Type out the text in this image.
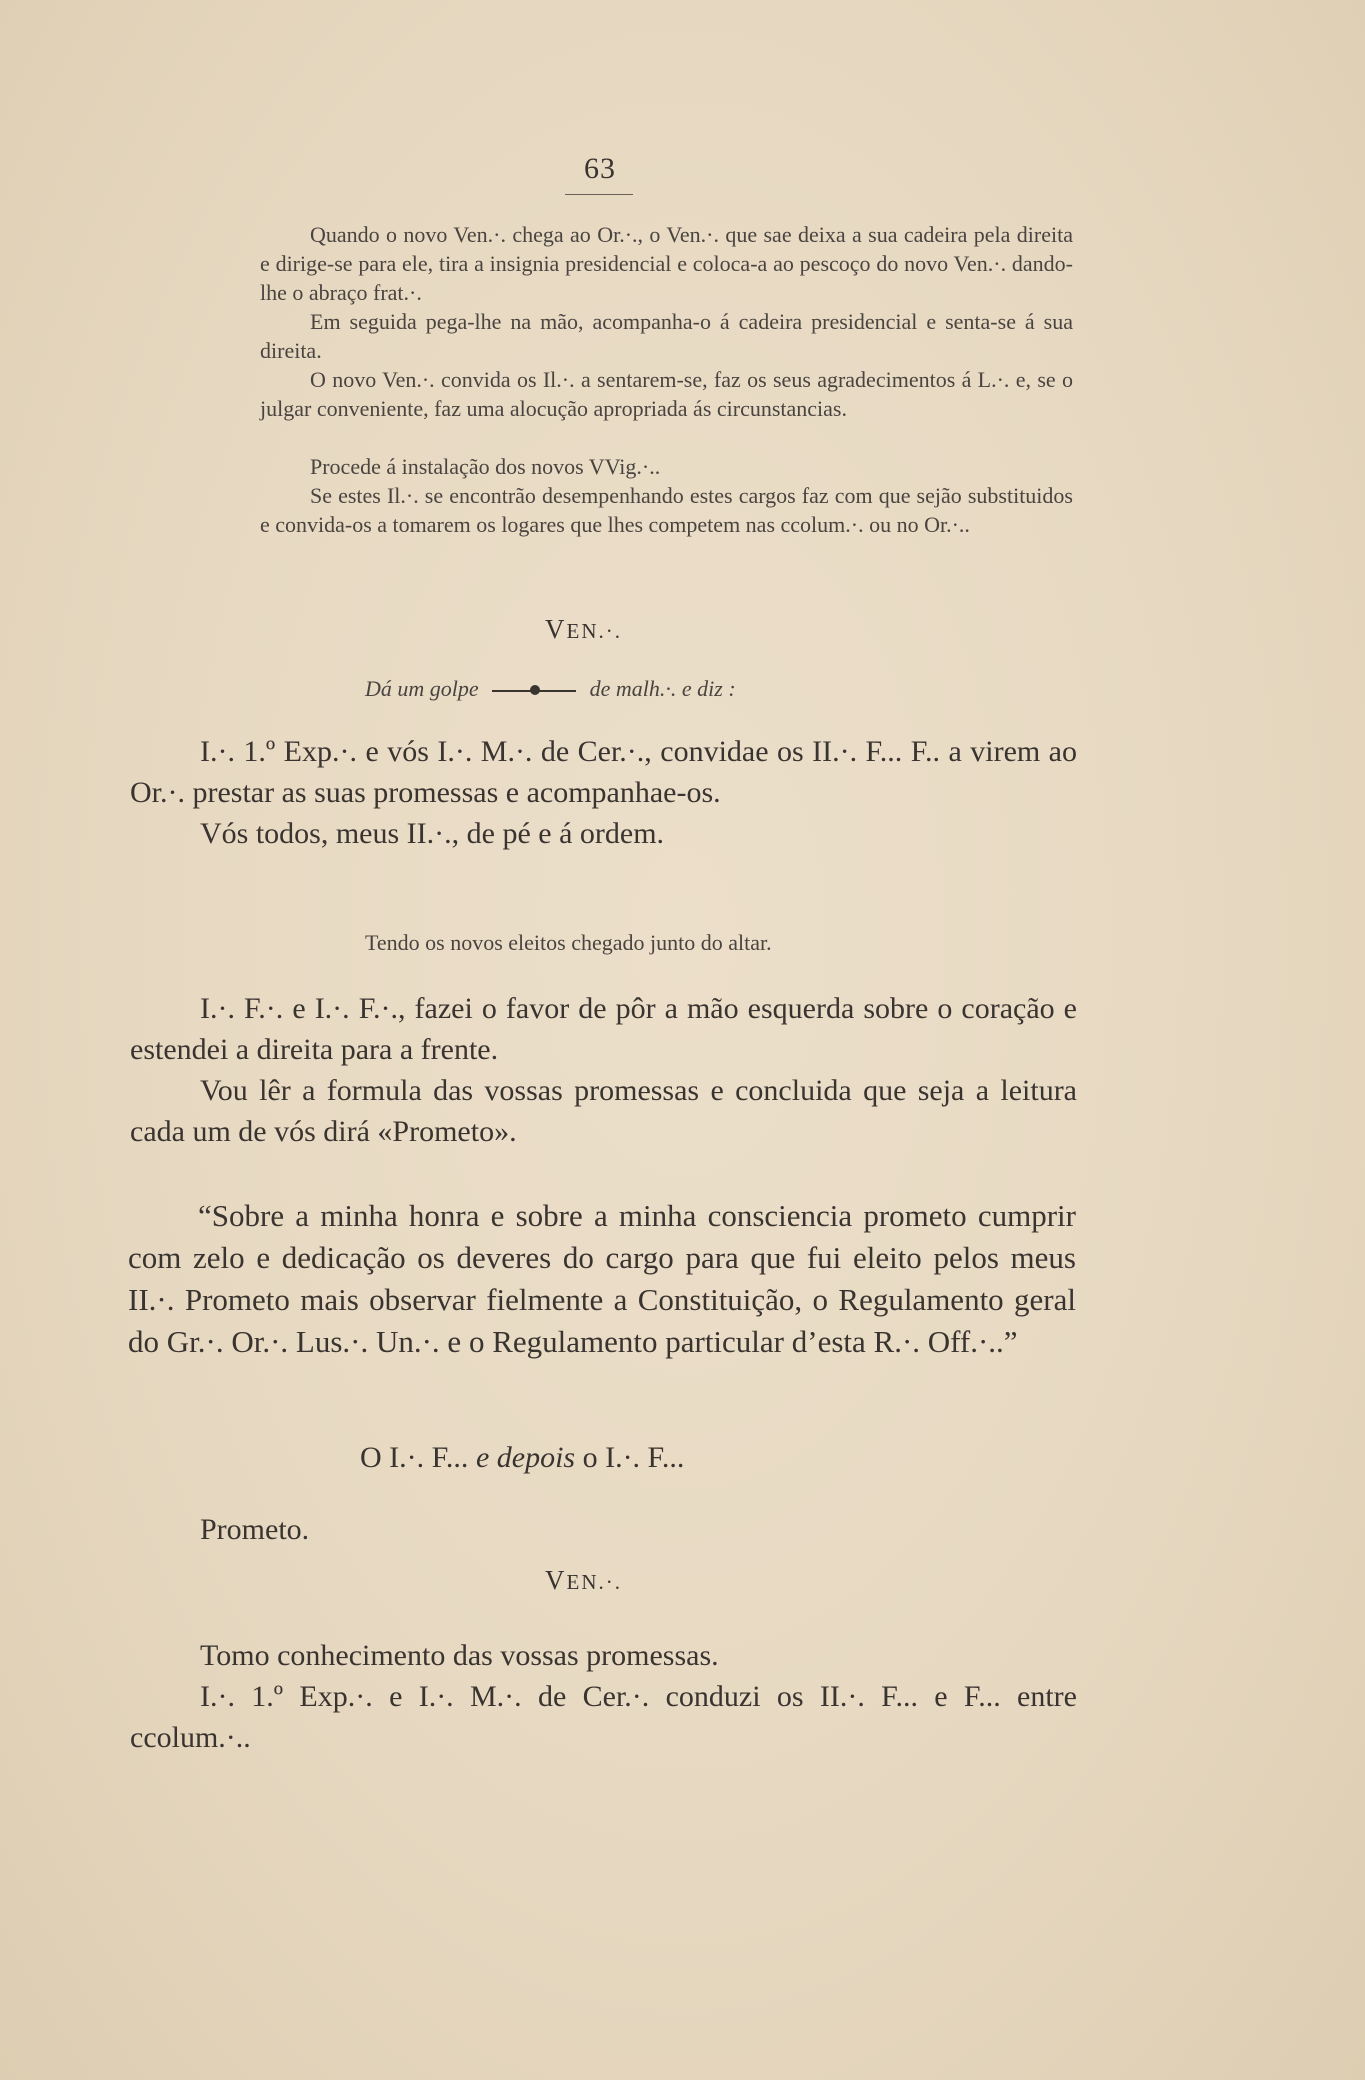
63

Quando o novo Ven.·. chega ao Or.·., o Ven.·. que sae deixa a sua cadeira pela direita e dirige-se para ele, tira a insignia presidencial e coloca-a ao pescoço do novo Ven.·. dando-lhe o abraço frat.·.

Em seguida pega-lhe na mão, acompanha-o á cadeira presidencial e senta-se á sua direita.

O novo Ven.·. convida os Il.·. a sentarem-se, faz os seus agradecimentos á L.·. e, se o julgar conveniente, faz uma alocução apropriada ás circunstancias.

Procede á instalação dos novos VVig.·..

Se estes Il.·. se encontrão desempenhando estes cargos faz com que sejão substituidos e convida-os a tomarem os logares que lhes competem nas ccolum.·. ou no Or.·..

VEN.·.
Dá um golpe	de malh.·. e diz :

I.·. 1.º Exp.·. e vós I.·. M.·. de Cer.·., convidae os II.·. F... F.. a virem ao Or.·. prestar as suas promessas e acompanhae-os.

Vós todos, meus II.·., de pé e á ordem.

Tendo os novos eleitos chegado junto do altar.

I.·. F.·. e I.·. F.·., fazei o favor de pôr a mão esquerda sobre o coração e estendei a direita para a frente.

Vou lêr a formula das vossas promessas e concluida que seja a leitura cada um de vós dirá «Prometo».

“Sobre a minha honra e sobre a minha consciencia prometo cumprir com zelo e dedicação os deveres do cargo para que fui eleito pelos meus II.·. Prometo mais observar fielmente a Constituição, o Regulamento geral do Gr.·. Or.·. Lus.·. Un.·. e o Regulamento particular d’esta R.·. Off.·..”

O I.·. F... e depois o I.·. F...
Prometo.
VEN.·.

Tomo conhecimento das vossas promessas.

I.·. 1.º Exp.·. e I.·. M.·. de Cer.·. conduzi os II.·. F... e F... entre ccolum.·..
